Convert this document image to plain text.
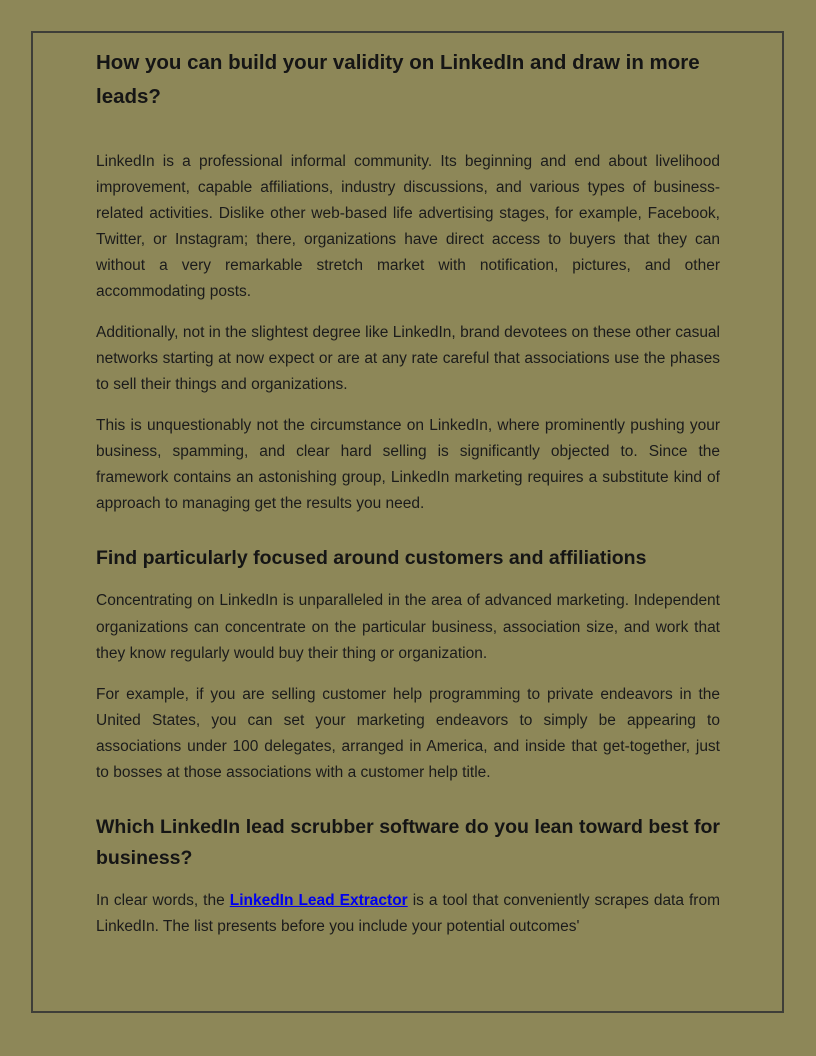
How you can build your validity on LinkedIn and draw in more leads?

LinkedIn is a professional informal community. Its beginning and end about livelihood improvement, capable affiliations, industry discussions, and various types of business-related activities. Dislike other web-based life advertising stages, for example, Facebook, Twitter, or Instagram; there, organizations have direct access to buyers that they can without a very remarkable stretch market with notification, pictures, and other accommodating posts.

Additionally, not in the slightest degree like LinkedIn, brand devotees on these other casual networks starting at now expect or are at any rate careful that associations use the phases to sell their things and organizations.

This is unquestionably not the circumstance on LinkedIn, where prominently pushing your business, spamming, and clear hard selling is significantly objected to. Since the framework contains an astonishing group, LinkedIn marketing requires a substitute kind of approach to managing get the results you need.

Find particularly focused around customers and affiliations

Concentrating on LinkedIn is unparalleled in the area of advanced marketing. Independent organizations can concentrate on the particular business, association size, and work that they know regularly would buy their thing or organization.

For example, if you are selling customer help programming to private endeavors in the United States, you can set your marketing endeavors to simply be appearing to associations under 100 delegates, arranged in America, and inside that get-together, just to bosses at those associations with a customer help title.

Which LinkedIn lead scrubber software do you lean toward best for business?

In clear words, the LinkedIn Lead Extractor is a tool that conveniently scrapes data from LinkedIn. The list presents before you include your potential outcomes'
